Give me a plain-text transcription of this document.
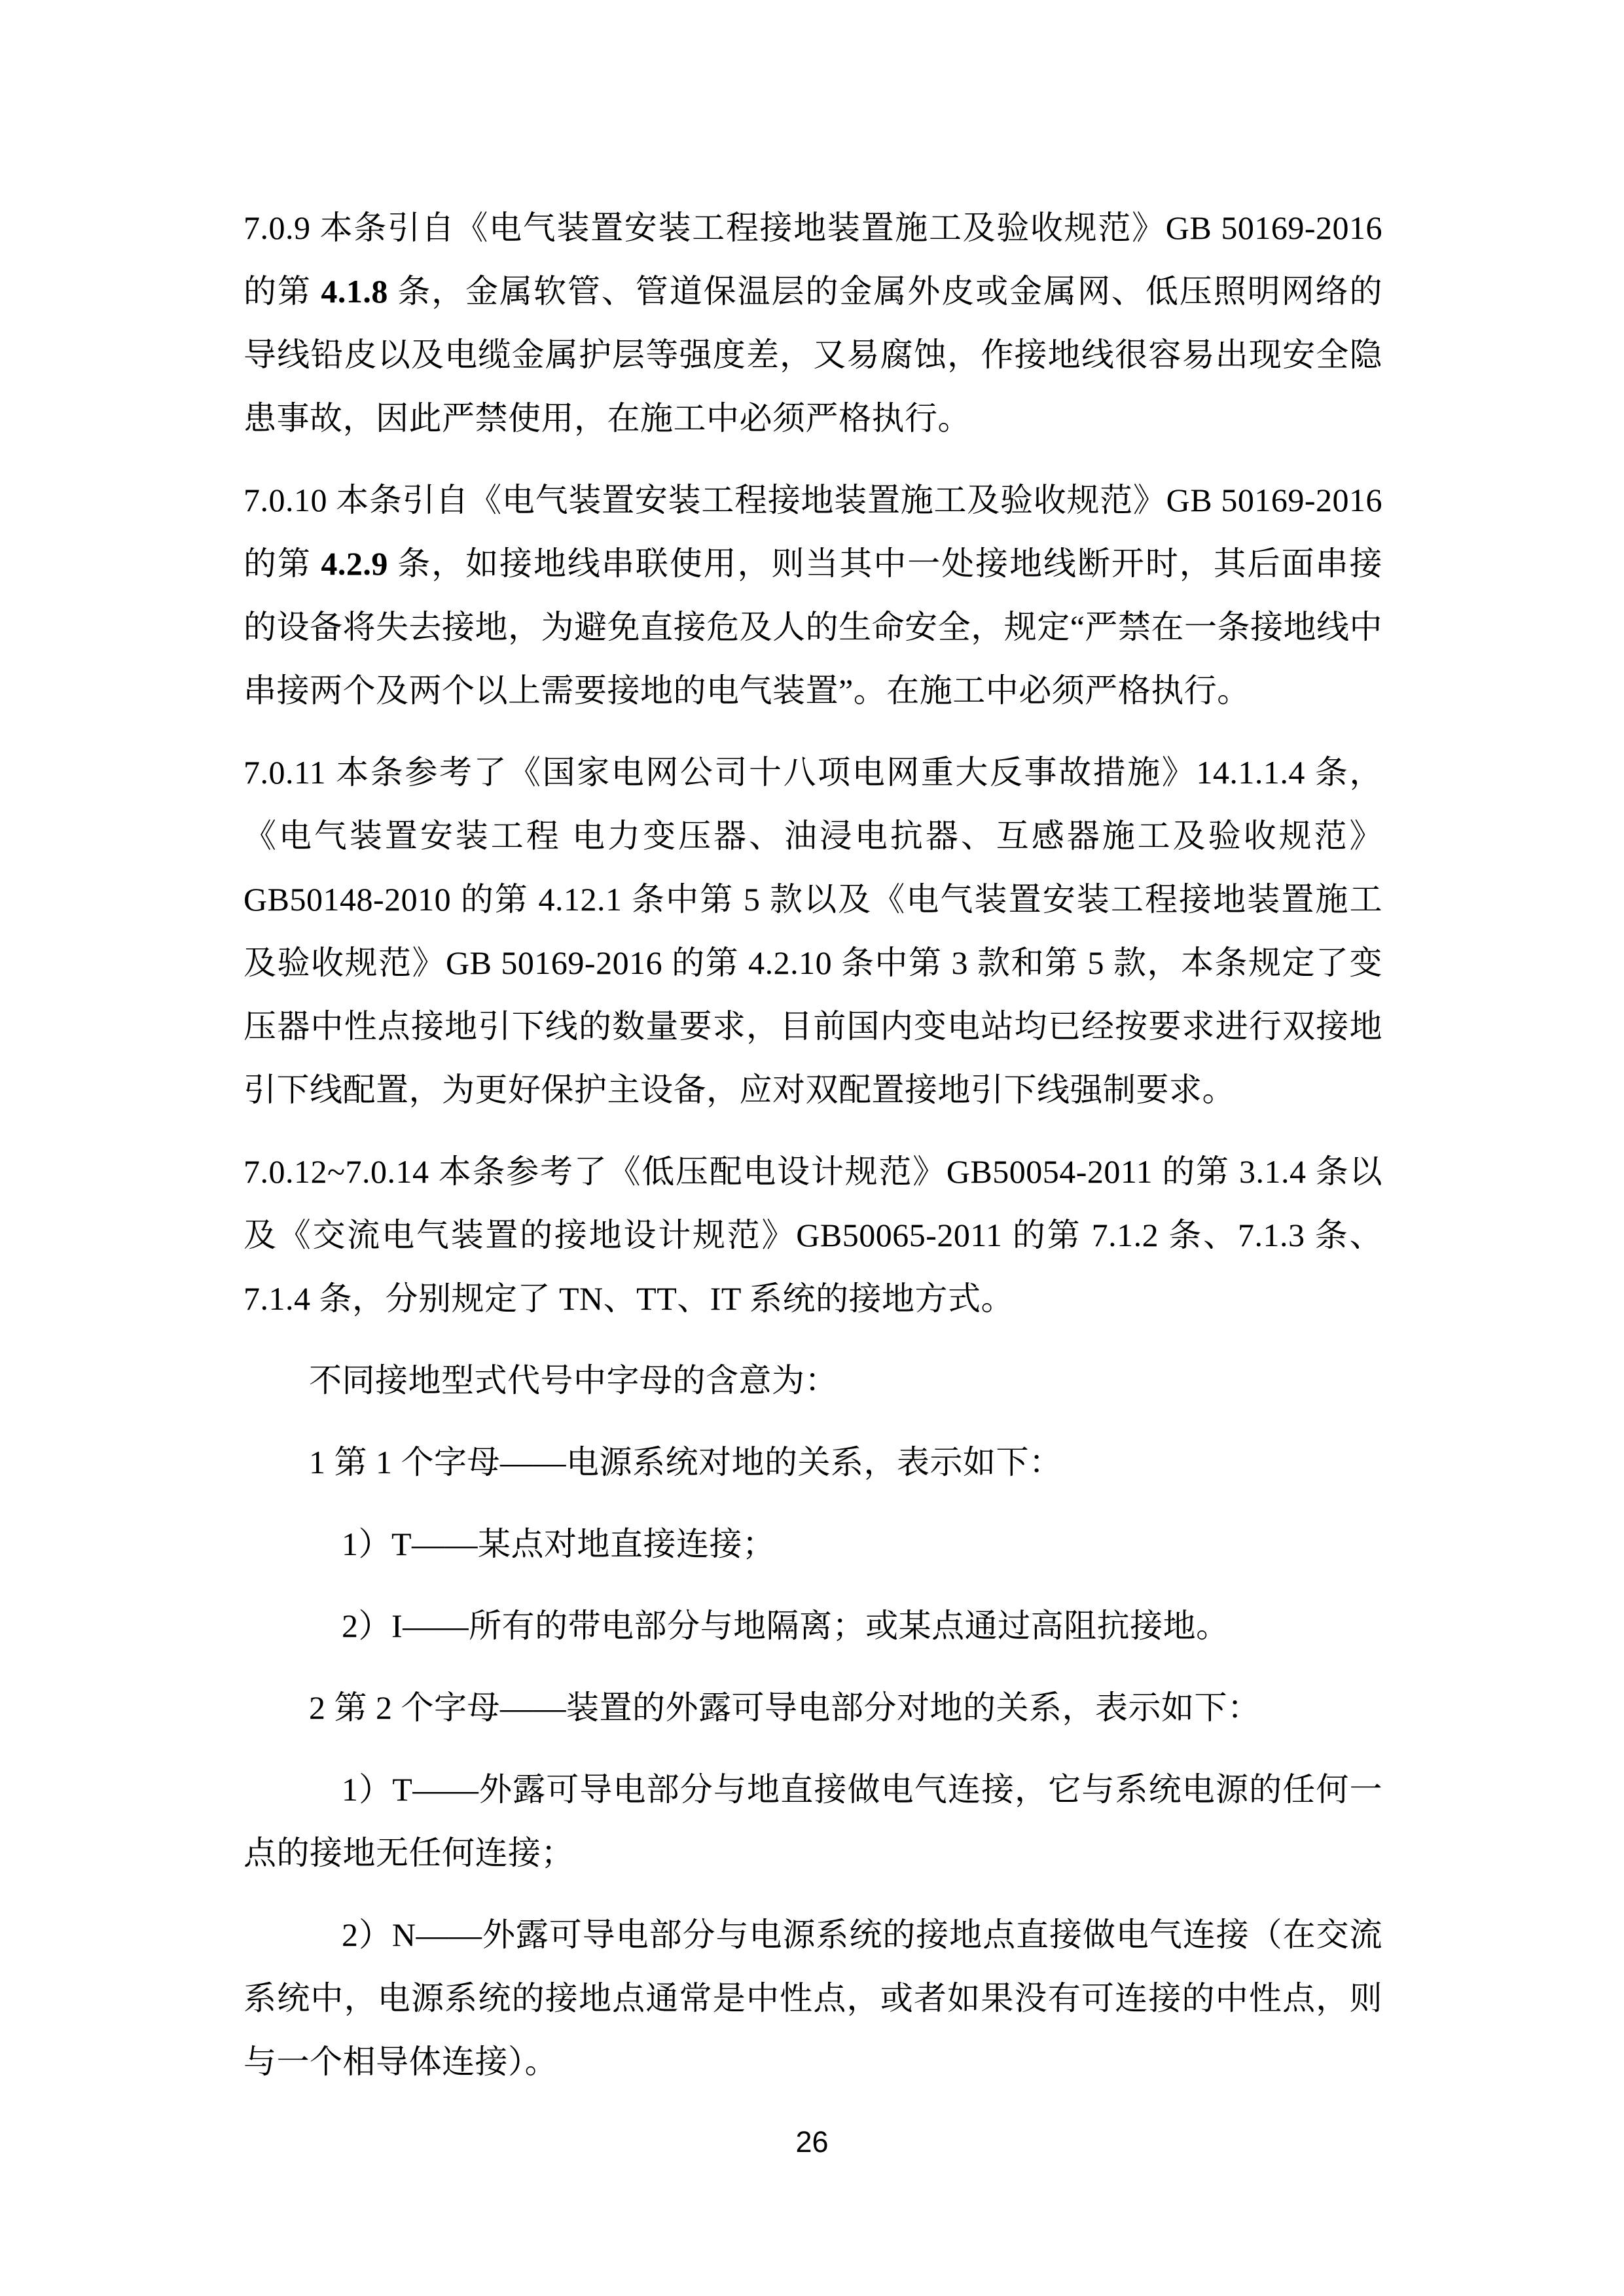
7.0.9 本条引自《电气装置安装工程接地装置施工及验收规范》GB 50169-2016 的第 4.1.8 条，金属软管、管道保温层的金属外皮或金属网、低压照明网络的导线铅皮以及电缆金属护层等强度差，又易腐蚀，作接地线很容易出现安全隐患事故，因此严禁使用，在施工中必须严格执行。

7.0.10 本条引自《电气装置安装工程接地装置施工及验收规范》GB 50169-2016 的第 4.2.9 条，如接地线串联使用，则当其中一处接地线断开时，其后面串接的设备将失去接地，为避免直接危及人的生命安全，规定“严禁在一条接地线中串接两个及两个以上需要接地的电气装置”。在施工中必须严格执行。

7.0.11 本条参考了《国家电网公司十八项电网重大反事故措施》14.1.1.4 条，《电气装置安装工程 电力变压器、油浸电抗器、互感器施工及验收规范》GB50148-2010 的第 4.12.1 条中第 5 款以及《电气装置安装工程接地装置施工及验收规范》GB 50169-2016 的第 4.2.10 条中第 3 款和第 5 款，本条规定了变压器中性点接地引下线的数量要求，目前国内变电站均已经按要求进行双接地引下线配置，为更好保护主设备，应对双配置接地引下线强制要求。

7.0.12~7.0.14 本条参考了《低压配电设计规范》GB50054-2011 的第 3.1.4 条以及《交流电气装置的接地设计规范》GB50065-2011 的第 7.1.2 条、7.1.3 条、7.1.4 条，分别规定了 TN、TT、IT 系统的接地方式。

不同接地型式代号中字母的含意为：

1 第 1 个字母——电源系统对地的关系，表示如下：

1）T——某点对地直接连接；

2）I——所有的带电部分与地隔离；或某点通过高阻抗接地。

2 第 2 个字母——装置的外露可导电部分对地的关系，表示如下：

1）T——外露可导电部分与地直接做电气连接，它与系统电源的任何一点的接地无任何连接；

2）N——外露可导电部分与电源系统的接地点直接做电气连接（在交流系统中，电源系统的接地点通常是中性点，或者如果没有可连接的中性点，则与一个相导体连接）。

26
